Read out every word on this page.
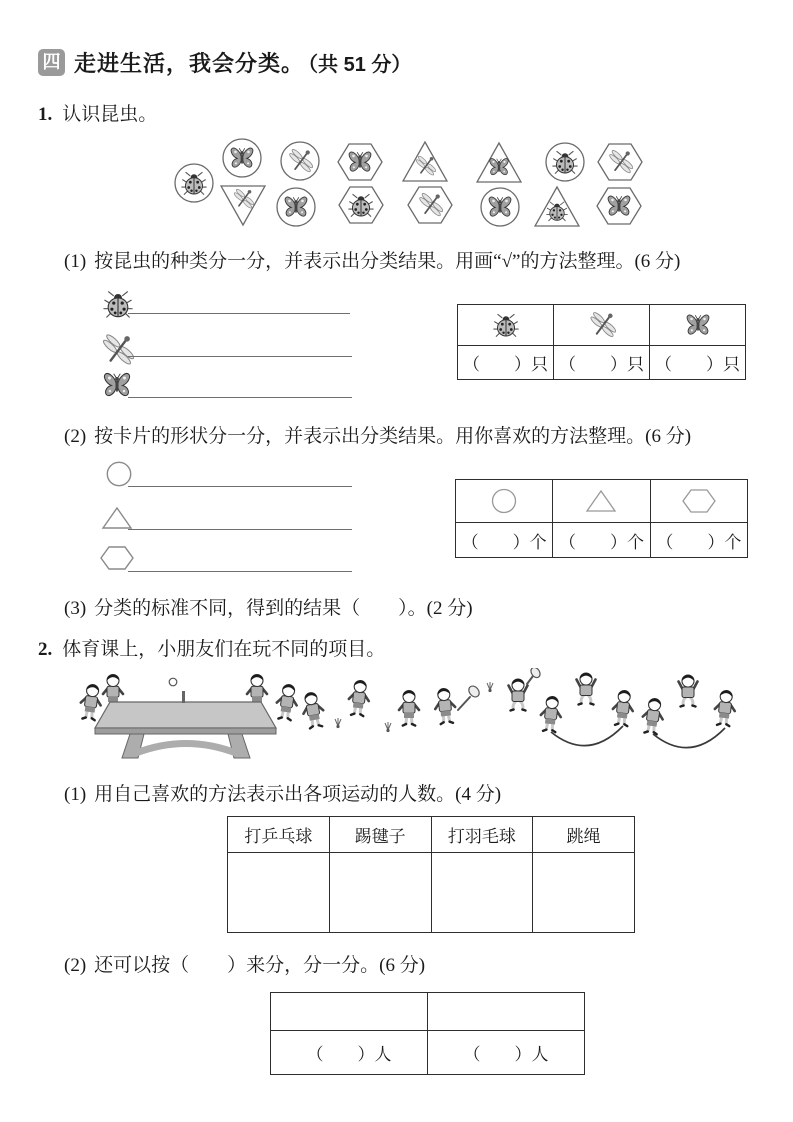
四 走进生活，我会分类。 （共 51 分）
1. 认识昆虫。
(1) 按昆虫的种类分一分，并表示出分类结果。用画“√”的方法整理。(6 分)

（　　）只	（　　）只	（　　）只
(2) 按卡片的形状分一分，并表示出分类结果。用你喜欢的方法整理。(6 分)

（　　）个	（　　）个	（　　）个
(3) 分类的标准不同，得到的结果（　　）。(2 分)
2. 体育课上，小朋友们在玩不同的项目。
(1) 用自己喜欢的方法表示出各项运动的人数。(4 分)
打乒乓球	踢毽子	打羽毛球	跳绳

(2) 还可以按（　　）来分，分一分。(6 分)

（　　）人	（　　）人
